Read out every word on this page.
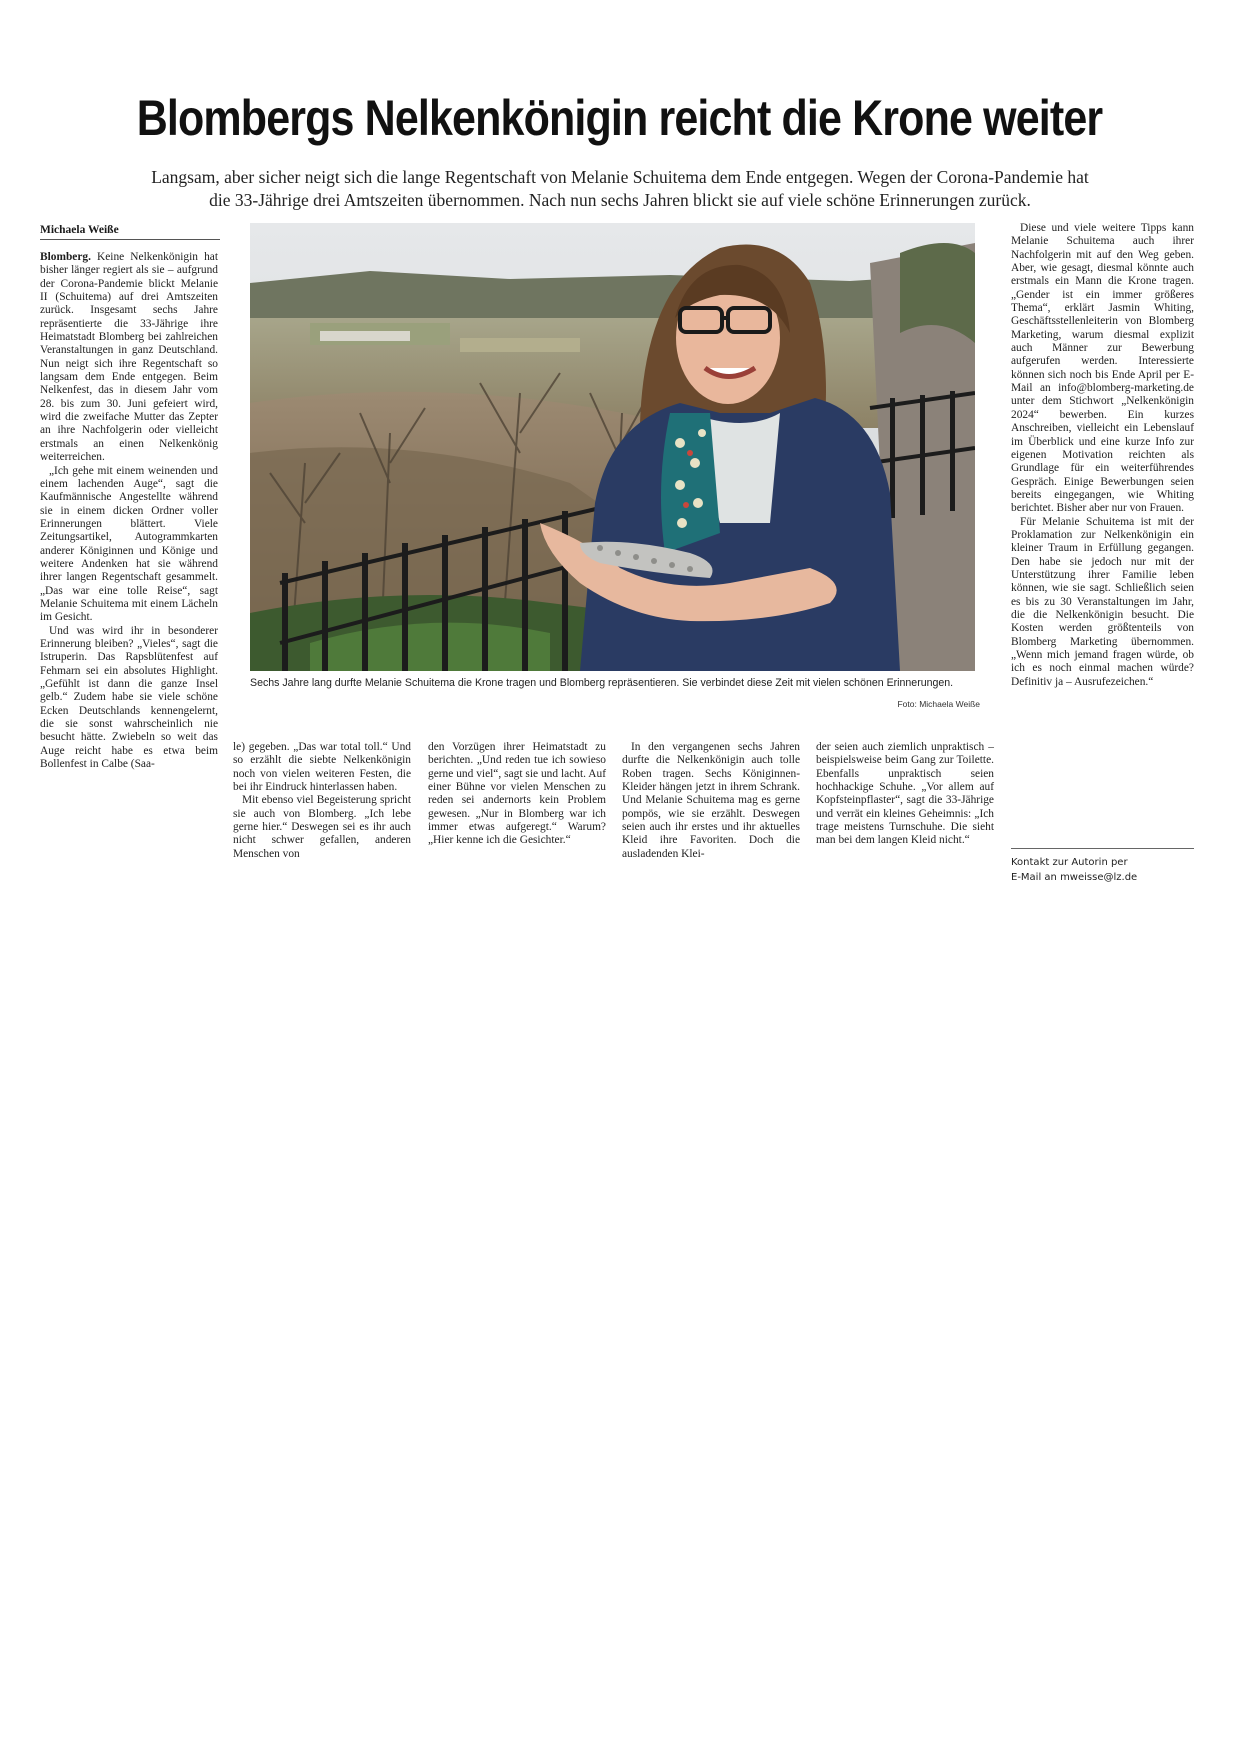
Blombergs Nelkenkönigin reicht die Krone weiter
Langsam, aber sicher neigt sich die lange Regentschaft von Melanie Schuitema dem Ende entgegen. Wegen der Corona-Pandemie hat
die 33-Jährige drei Amtszeiten übernommen. Nach nun sechs Jahren blickt sie auf viele schöne Erinnerungen zurück.
Michaela Weiße

Blomberg. Keine Nelkenkönigin hat bisher länger regiert als sie – aufgrund der Corona-Pandemie blickt Melanie II (Schuitema) auf drei Amtszeiten zurück. Insgesamt sechs Jahre repräsentierte die 33-Jährige ihre Heimatstadt Blomberg bei zahlreichen Veranstaltungen in ganz Deutschland. Nun neigt sich ihre Regentschaft so langsam dem Ende entgegen. Beim Nelkenfest, das in diesem Jahr vom 28. bis zum 30. Juni gefeiert wird, wird die zweifache Mutter das Zepter an ihre Nachfolgerin oder vielleicht erstmals an einen Nelkenkönig weiterreichen.

„Ich gehe mit einem weinenden und einem lachenden Auge“, sagt die Kaufmännische Angestellte während sie in einem dicken Ordner voller Erinnerungen blättert. Viele Zeitungsartikel, Autogrammkarten anderer Königinnen und Könige und weitere Andenken hat sie während ihrer langen Regentschaft gesammelt. „Das war eine tolle Reise“, sagt Melanie Schuitema mit einem Lächeln im Gesicht.

Und was wird ihr in besonderer Erinnerung bleiben? „Vieles“, sagt die Istruperin. Das Rapsblütenfest auf Fehmarn sei ein absolutes Highlight. „Gefühlt ist dann die ganze Insel gelb.“ Zudem habe sie viele schöne Ecken Deutschlands kennengelernt, die sie sonst wahrscheinlich nie besucht hätte. Zwiebeln so weit das Auge reicht habe es etwa beim Bollenfest in Calbe (Saa-

le) gegeben. „Das war total toll.“ Und so erzählt die siebte Nelkenkönigin noch von vielen weiteren Festen, die bei ihr Eindruck hinterlassen haben.

Mit ebenso viel Begeisterung spricht sie auch von Blomberg. „Ich lebe gerne hier.“ Deswegen sei es ihr auch nicht schwer gefallen, anderen Menschen von

den Vorzügen ihrer Heimatstadt zu berichten. „Und reden tue ich sowieso gerne und viel“, sagt sie und lacht. Auf einer Bühne vor vielen Menschen zu reden sei andernorts kein Problem gewesen. „Nur in Blomberg war ich immer etwas aufgeregt.“ Warum? „Hier kenne ich die Gesichter.“

In den vergangenen sechs Jahren durfte die Nelkenkönigin auch tolle Roben tragen. Sechs Königinnen-Kleider hängen jetzt in ihrem Schrank. Und Melanie Schuitema mag es gerne pompös, wie sie erzählt. Deswegen seien auch ihr erstes und ihr aktuelles Kleid ihre Favoriten. Doch die ausladenden Klei-

der seien auch ziemlich unpraktisch – beispielsweise beim Gang zur Toilette. Ebenfalls unpraktisch seien hochhackige Schuhe. „Vor allem auf Kopfsteinpflaster“, sagt die 33-Jährige und verrät ein kleines Geheimnis: „Ich trage meistens Turnschuhe. Die sieht man bei dem langen Kleid nicht.“

Diese und viele weitere Tipps kann Melanie Schuitema auch ihrer Nachfolgerin mit auf den Weg geben. Aber, wie gesagt, diesmal könnte auch erstmals ein Mann die Krone tragen. „Gender ist ein immer größeres Thema“, erklärt Jasmin Whiting, Geschäftsstellenleiterin von Blomberg Marketing, warum diesmal explizit auch Männer zur Bewerbung aufgerufen werden. Interessierte können sich noch bis Ende April per E-Mail an info@blomberg-marketing.de unter dem Stichwort „Nelkenkönigin 2024“ bewerben. Ein kurzes Anschreiben, vielleicht ein Lebenslauf im Überblick und eine kurze Info zur eigenen Motivation reichten als Grundlage für ein weiterführendes Gespräch. Einige Bewerbungen seien bereits eingegangen, wie Whiting berichtet. Bisher aber nur von Frauen.

Für Melanie Schuitema ist mit der Proklamation zur Nelkenkönigin ein kleiner Traum in Erfüllung gegangen. Den habe sie jedoch nur mit der Unterstützung ihrer Familie leben können, wie sie sagt. Schließlich seien es bis zu 30 Veranstaltungen im Jahr, die die Nelkenkönigin besucht. Die Kosten werden größtenteils von Blomberg Marketing übernommen. „Wenn mich jemand fragen würde, ob ich es noch einmal machen würde? Definitiv ja – Ausrufezeichen.“

Sechs Jahre lang durfte Melanie Schuitema die Krone tragen und Blomberg repräsentieren. Sie verbindet diese Zeit mit vielen schönen Erinnerungen.
Foto: Michaela Weiße
Kontakt zur Autorin per
E-Mail an mweisse@lz.de
